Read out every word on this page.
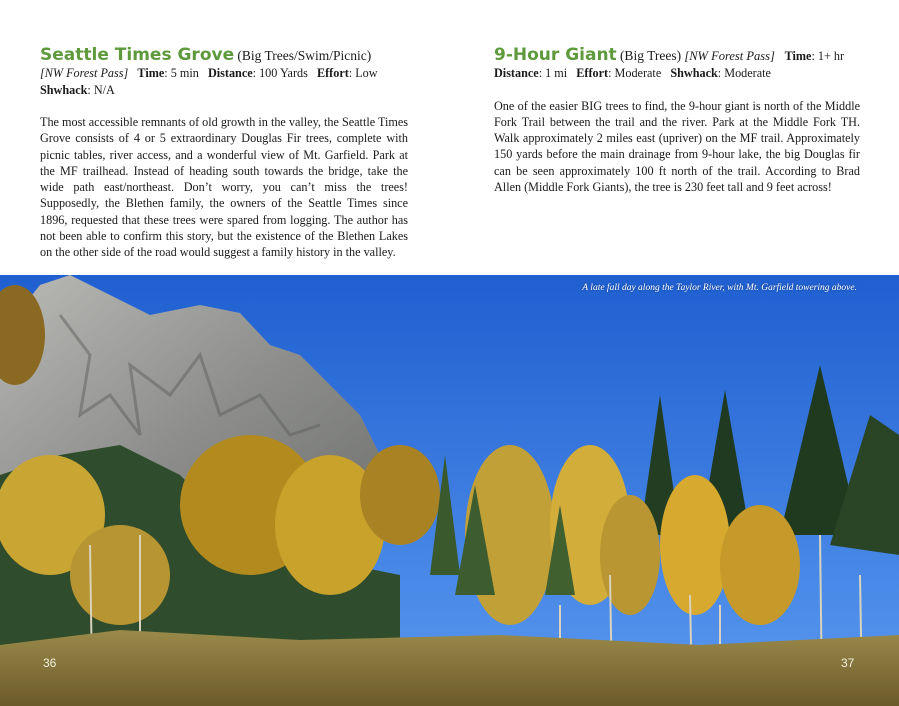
Seattle Times Grove (Big Trees/Swim/Picnic)
[NW Forest Pass] Time: 5 min Distance: 100 Yards Effort: Low
Shwhack: N/A
The most accessible remnants of old growth in the valley, the Seattle Times Grove consists of 4 or 5 extraordinary Douglas Fir trees, complete with picnic tables, river access, and a wonderful view of Mt. Garfield. Park at the MF trailhead. Instead of heading south towards the bridge, take the wide path east/northeast. Don’t worry, you can’t miss the trees! Supposedly, the Blethen family, the owners of the Seattle Times since 1896, requested that these trees were spared from logging. The author has not been able to confirm this story, but the existence of the Blethen Lakes on the other side of the road would suggest a family history in the valley.
9-Hour Giant (Big Trees) [NW Forest Pass] Time: 1+ hr
Distance: 1 mi Effort: Moderate Shwhack: Moderate
One of the easier BIG trees to find, the 9-hour giant is north of the Middle Fork Trail between the trail and the river. Park at the Middle Fork TH. Walk approximately 2 miles east (upriver) on the MF trail. Approximately 150 yards before the main drainage from 9-hour lake, the big Douglas fir can be seen approximately 100 ft north of the trail. According to Brad Allen (Middle Fork Giants), the tree is 230 feet tall and 9 feet across!
A late fall day along the Taylor River, with Mt. Garfield towering above.
36	37
